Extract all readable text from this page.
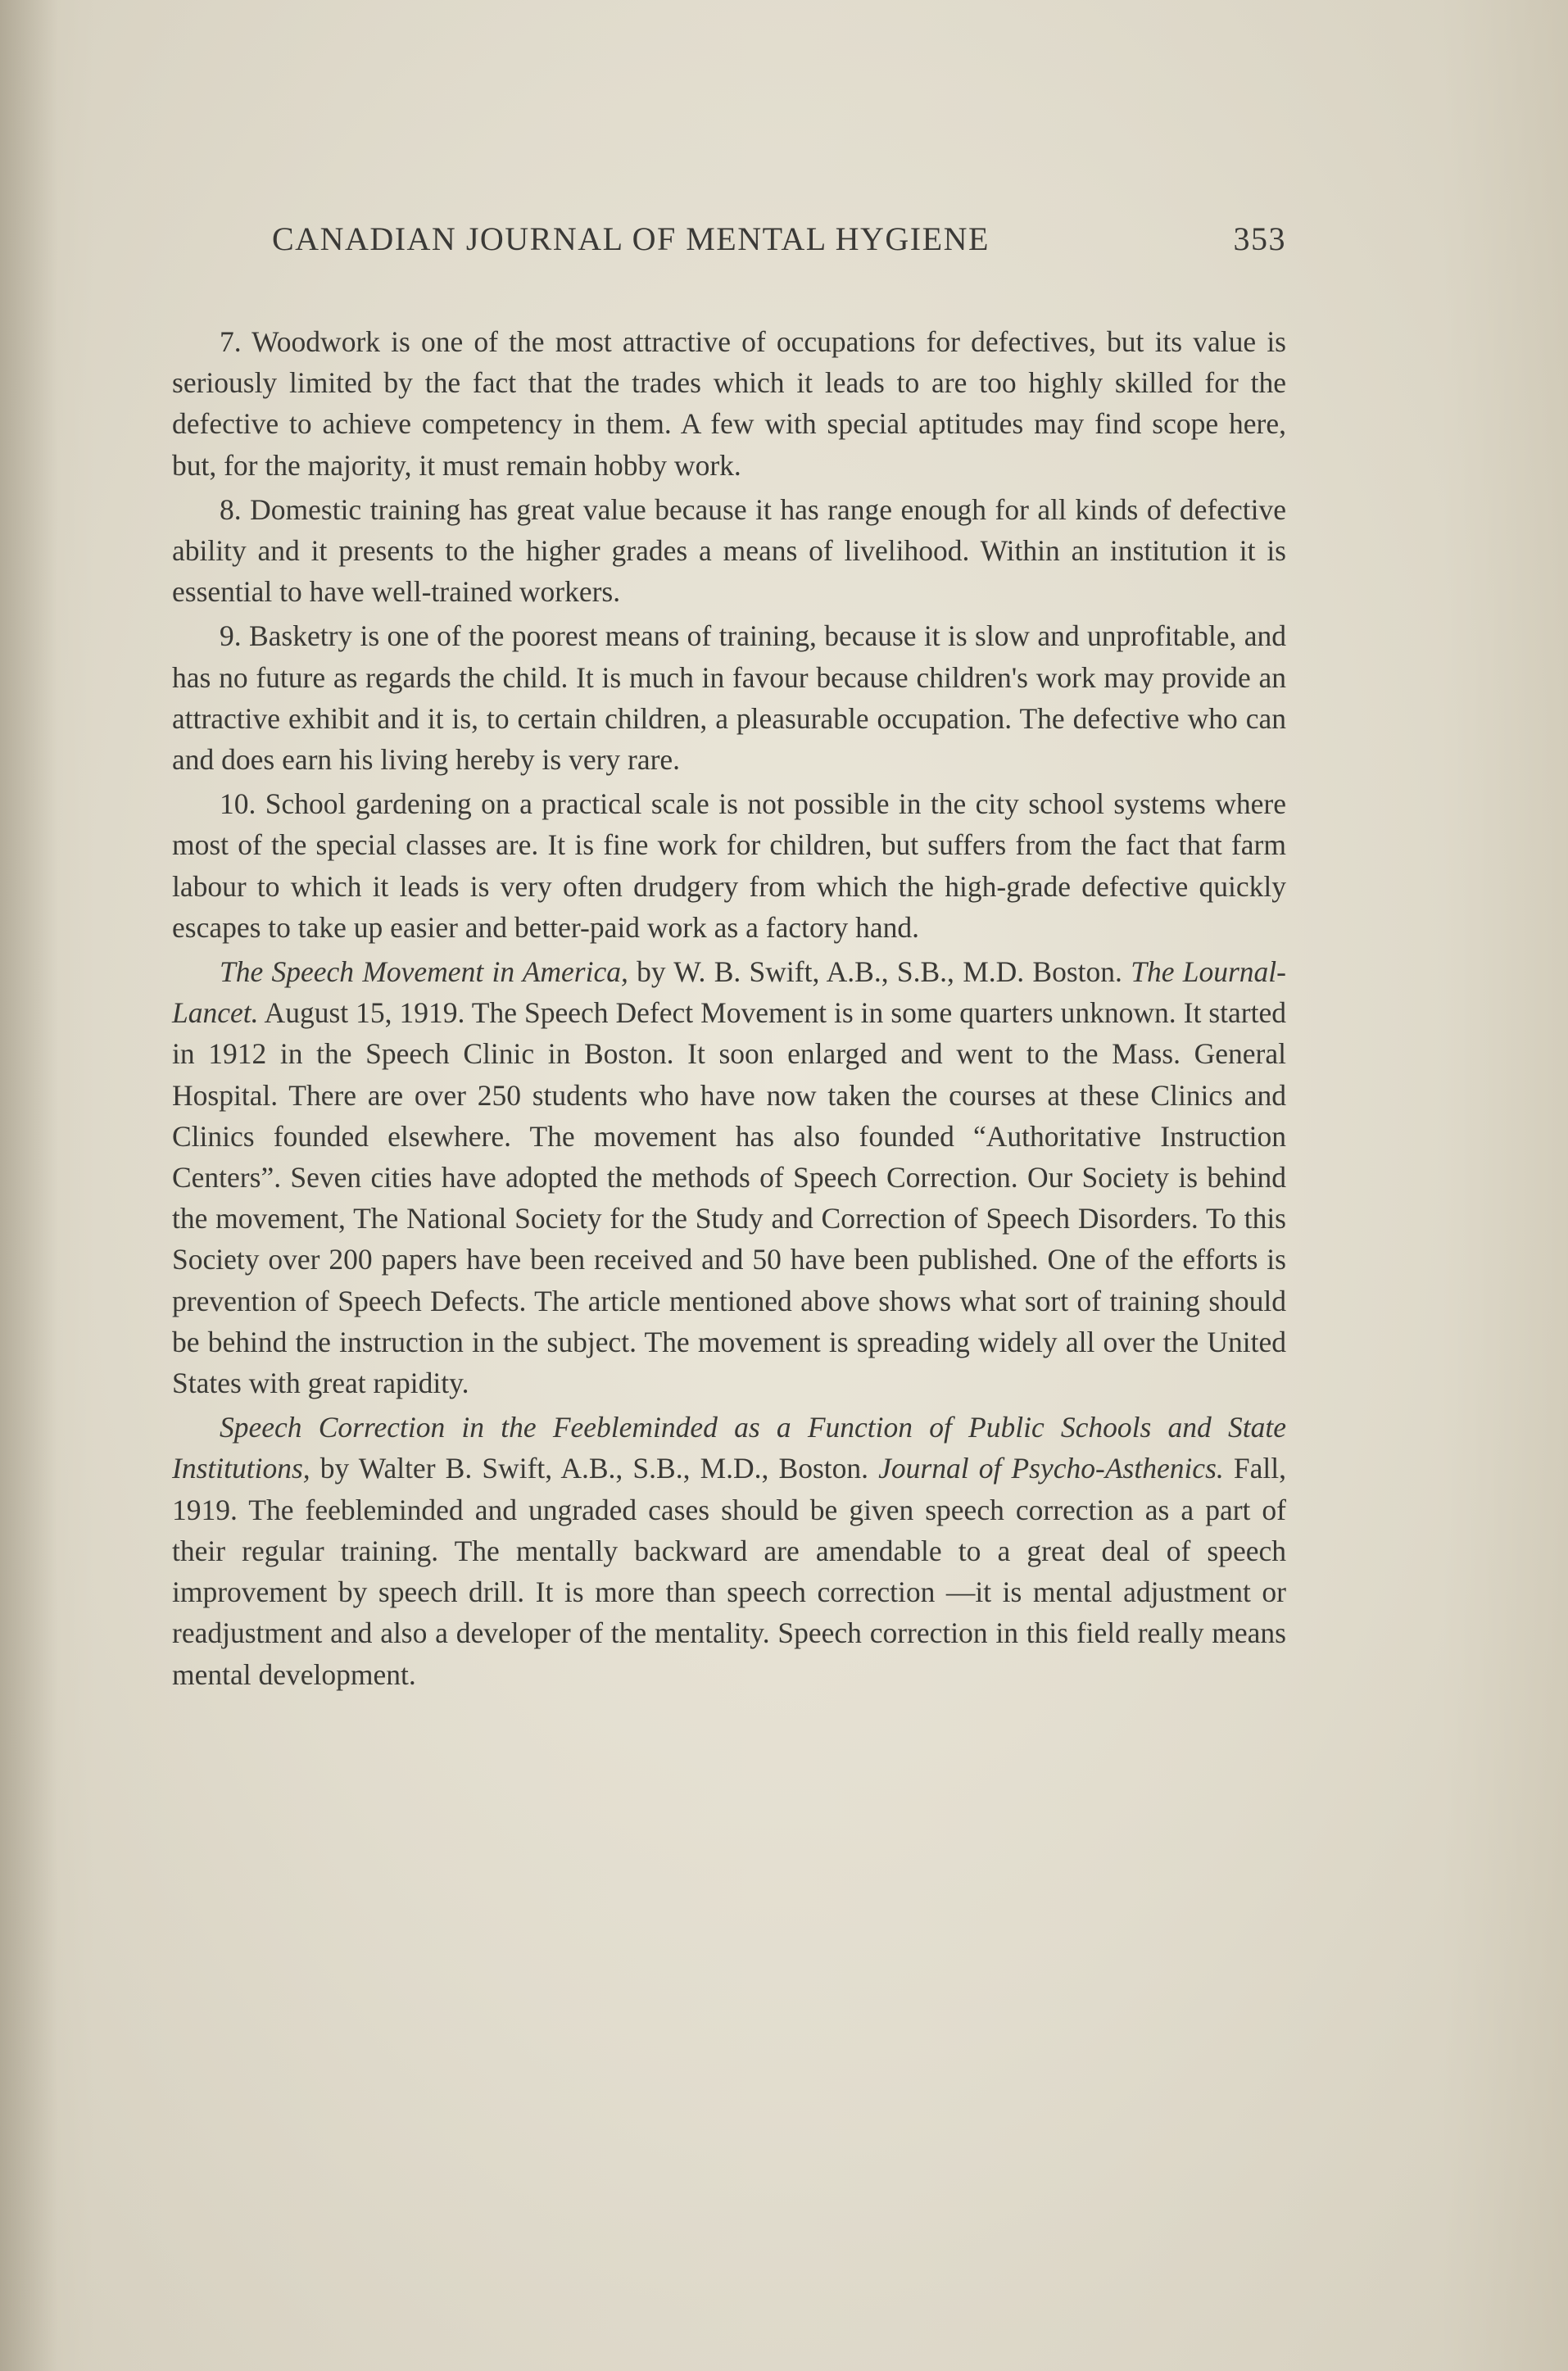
CANADIAN JOURNAL OF MENTAL HYGIENE	353

7. Woodwork is one of the most attractive of occupations for defectives, but its value is seriously limited by the fact that the trades which it leads to are too highly skilled for the defective to achieve competency in them. A few with special aptitudes may find scope here, but, for the majority, it must remain hobby work.

8. Domestic training has great value because it has range enough for all kinds of defective ability and it presents to the higher grades a means of livelihood. Within an institution it is essential to have well-trained workers.

9. Basketry is one of the poorest means of training, because it is slow and unprofitable, and has no future as regards the child. It is much in favour because children's work may provide an attractive exhibit and it is, to certain children, a pleasurable occupation. The defective who can and does earn his living hereby is very rare.

10. School gardening on a practical scale is not possible in the city school systems where most of the special classes are. It is fine work for children, but suffers from the fact that farm labour to which it leads is very often drudgery from which the high-grade defective quickly escapes to take up easier and better-paid work as a factory hand.

The Speech Movement in America, by W. B. Swift, A.B., S.B., M.D. Boston. The Lournal-Lancet. August 15, 1919. The Speech Defect Movement is in some quarters unknown. It started in 1912 in the Speech Clinic in Boston. It soon enlarged and went to the Mass. General Hospital. There are over 250 students who have now taken the courses at these Clinics and Clinics founded elsewhere. The movement has also founded “Authoritative Instruction Centers”. Seven cities have adopted the methods of Speech Correction. Our Society is behind the movement, The National Society for the Study and Correction of Speech Disorders. To this Society over 200 papers have been received and 50 have been published. One of the efforts is prevention of Speech Defects. The article mentioned above shows what sort of training should be behind the instruction in the subject. The movement is spreading widely all over the United States with great rapidity.

Speech Correction in the Feebleminded as a Function of Public Schools and State Institutions, by Walter B. Swift, A.B., S.B., M.D., Boston. Journal of Psycho-Asthenics. Fall, 1919. The feebleminded and ungraded cases should be given speech correction as a part of their regular training. The mentally backward are amendable to a great deal of speech improvement by speech drill. It is more than speech correction —it is mental adjustment or readjustment and also a developer of the mentality. Speech correction in this field really means mental development.
